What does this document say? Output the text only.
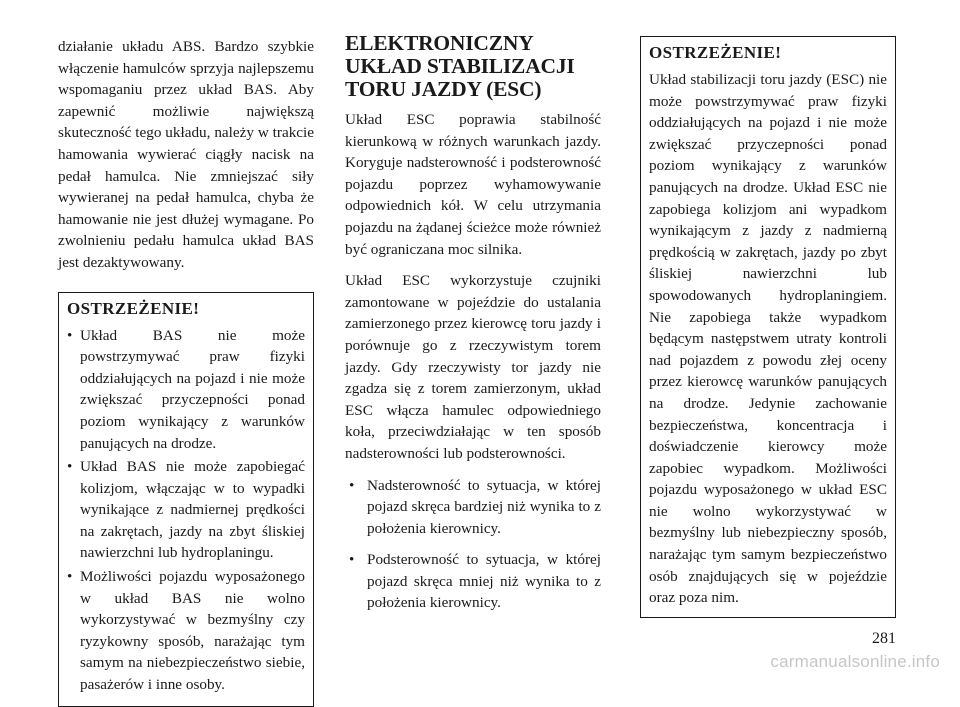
działanie układu ABS. Bardzo szybkie włączenie hamulców sprzyja najlepszemu wspomaganiu przez układ BAS. Aby zapewnić możliwie największą skuteczność tego układu, należy w trakcie hamowania wywierać ciągły nacisk na pedał hamulca. Nie zmniejszać siły wywieranej na pedał hamulca, chyba że hamowanie nie jest dłużej wymagane. Po zwolnieniu pedału hamulca układ BAS jest dezaktywowany.

OSTRZEŻENIE!
• Układ BAS nie może powstrzymywać praw fizyki oddziałujących na pojazd i nie może zwiększać przyczepności ponad poziom wynikający z warunków panujących na drodze.
• Układ BAS nie może zapobiegać kolizjom, włączając w to wypadki wynikające z nadmiernej prędkości na zakrętach, jazdy na zbyt śliskiej nawierzchni lub hydroplaningu.
• Możliwości pojazdu wyposażonego w układ BAS nie wolno wykorzystywać w bezmyślny czy ryzykowny sposób, narażając tym samym na niebezpieczeństwo siebie, pasażerów i inne osoby.
ELEKTRONICZNY UKŁAD STABILIZACJI TORU JAZDY (ESC)

Układ ESC poprawia stabilność kierunkową w różnych warunkach jazdy. Koryguje nadsterowność i podsterowność pojazdu poprzez wyhamowywanie odpowiednich kół. W celu utrzymania pojazdu na żądanej ścieżce może również być ograniczana moc silnika.

Układ ESC wykorzystuje czujniki zamontowane w pojeździe do ustalania zamierzonego przez kierowcę toru jazdy i porównuje go z rzeczywistym torem jazdy. Gdy rzeczywisty tor jazdy nie zgadza się z torem zamierzonym, układ ESC włącza hamulec odpowiedniego koła, przeciwdziałając w ten sposób nadsterowności lub podsterowności.

• Nadsterowność to sytuacja, w której pojazd skręca bardziej niż wynika to z położenia kierownicy.
• Podsterowność to sytuacja, w której pojazd skręca mniej niż wynika to z położenia kierownicy.
OSTRZEŻENIE!

Układ stabilizacji toru jazdy (ESC) nie może powstrzymywać praw fizyki oddziałujących na pojazd i nie może zwiększać przyczepności ponad poziom wynikający z warunków panujących na drodze. Układ ESC nie zapobiega kolizjom ani wypadkom wynikającym z jazdy z nadmierną prędkością w zakrętach, jazdy po zbyt śliskiej nawierzchni lub spowodowanych hydroplaningiem. Nie zapobiega także wypadkom będącym następstwem utraty kontroli nad pojazdem z powodu złej oceny przez kierowcę warunków panujących na drodze. Jedynie zachowanie bezpieczeństwa, koncentracja i doświadczenie kierowcy może zapobiec wypadkom. Możliwości pojazdu wyposażonego w układ ESC nie wolno wykorzystywać w bezmyślny lub niebezpieczny sposób, narażając tym samym bezpieczeństwo osób znajdujących się w pojeździe oraz poza nim.

281
carmanualsonline.info
